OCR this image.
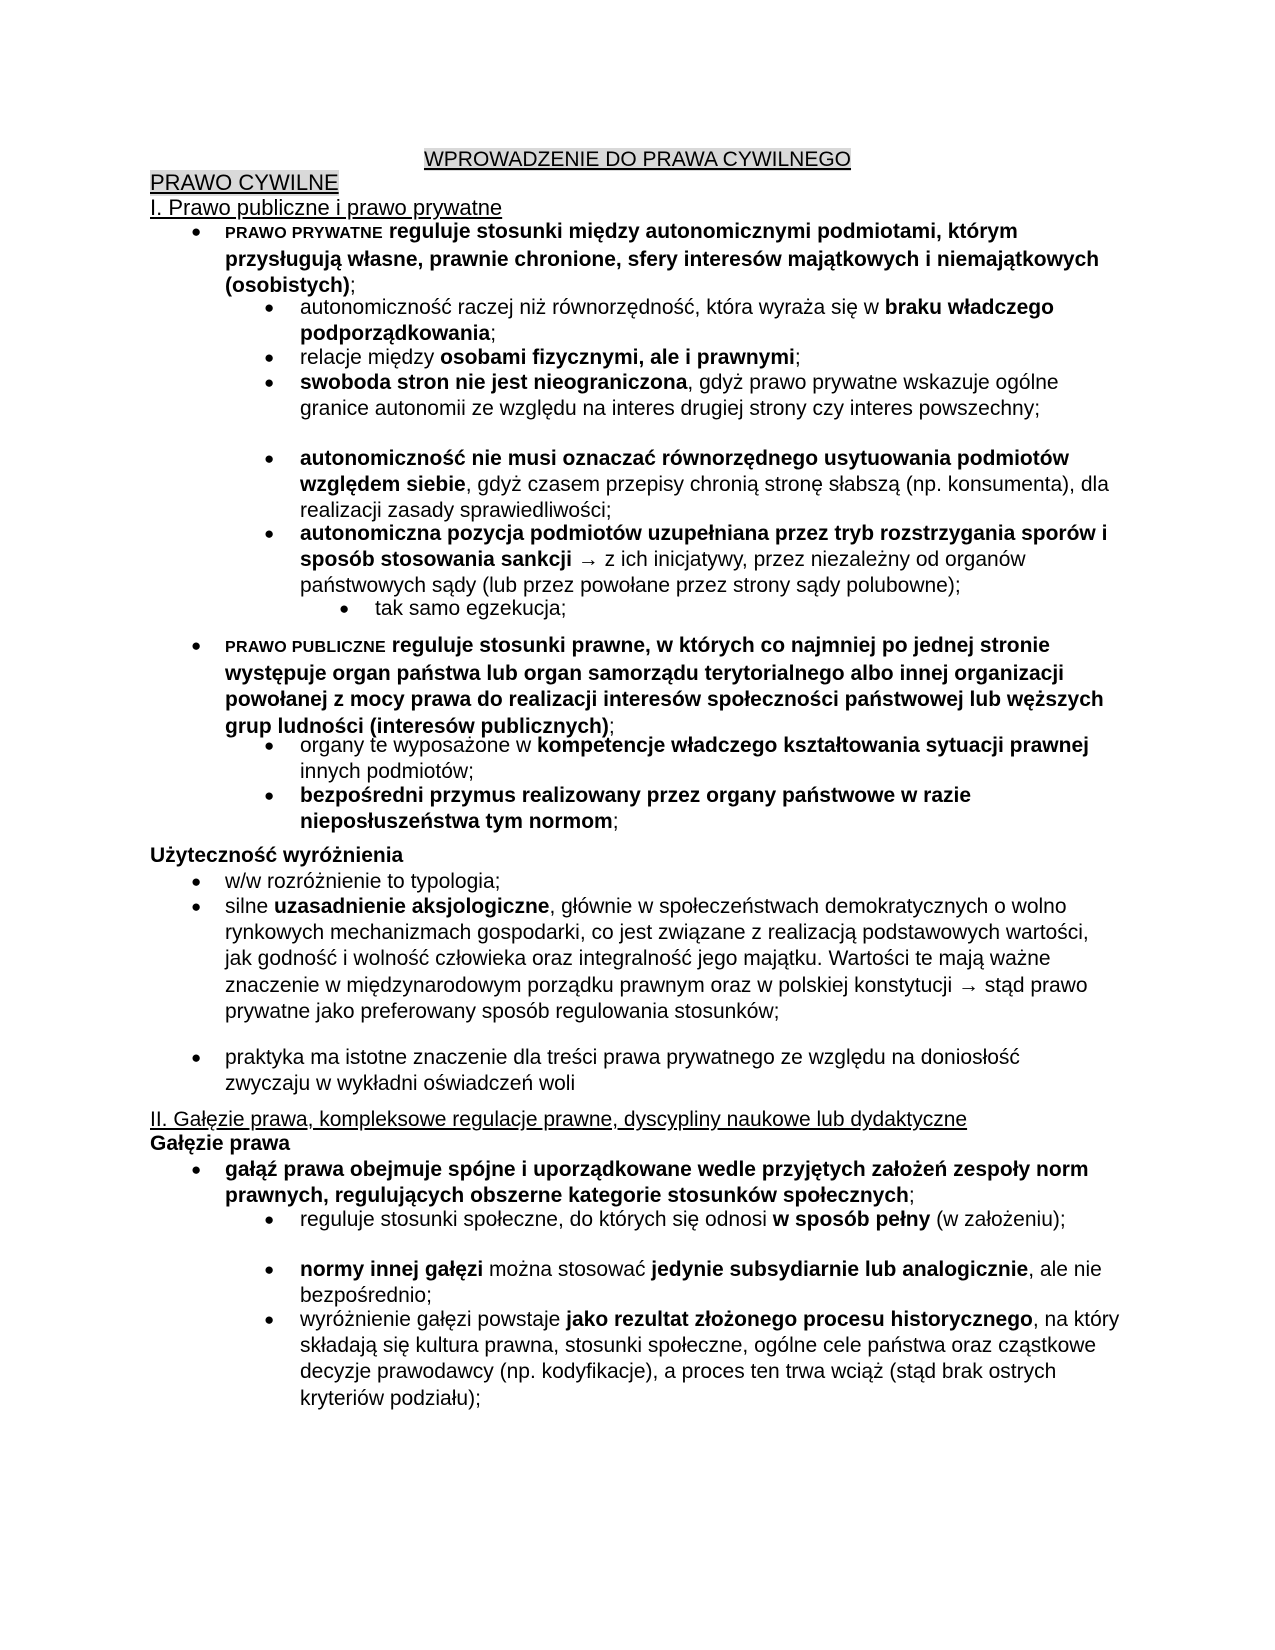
WPROWADZENIE DO PRAWA CYWILNEGO
PRAWO CYWILNE
I. Prawo publiczne i prawo prywatne
● PRAWO PRYWATNE reguluje stosunki między autonomicznymi podmiotami, którym przysługują własne, prawnie chronione, sfery interesów majątkowych i niemajątkowych (osobistych);
● autonomiczność raczej niż równorzędność, która wyraża się w braku władczego podporządkowania;
● relacje między osobami fizycznymi, ale i prawnymi;
● swoboda stron nie jest nieograniczona, gdyż prawo prywatne wskazuje ogólne granice autonomii ze względu na interes drugiej strony czy interes powszechny;
● autonomiczność nie musi oznaczać równorzędnego usytuowania podmiotów względem siebie, gdyż czasem przepisy chronią stronę słabszą (np. konsumenta), dla realizacji zasady sprawiedliwości;
● autonomiczna pozycja podmiotów uzupełniana przez tryb rozstrzygania sporów i sposób stosowania sankcji → z ich inicjatywy, przez niezależny od organów państwowych sądy (lub przez powołane przez strony sądy polubowne);
● tak samo egzekucja;
● PRAWO PUBLICZNE reguluje stosunki prawne, w których co najmniej po jednej stronie występuje organ państwa lub organ samorządu terytorialnego albo innej organizacji powołanej z mocy prawa do realizacji interesów społeczności państwowej lub węższych grup ludności (interesów publicznych);
● organy te wyposażone w kompetencje władczego kształtowania sytuacji prawnej innych podmiotów;
● bezpośredni przymus realizowany przez organy państwowe w razie nieposłuszeństwa tym normom;
Użyteczność wyróżnienia
● w/w rozróżnienie to typologia;
● silne uzasadnienie aksjologiczne, głównie w społeczeństwach demokratycznych o wolno rynkowych mechanizmach gospodarki, co jest związane z realizacją podstawowych wartości, jak godność i wolność człowieka oraz integralność jego majątku. Wartości te mają ważne znaczenie w międzynarodowym porządku prawnym oraz w polskiej konstytucji → stąd prawo prywatne jako preferowany sposób regulowania stosunków;
● praktyka ma istotne znaczenie dla treści prawa prywatnego ze względu na doniosłość zwyczaju w wykładni oświadczeń woli
II. Gałęzie prawa, kompleksowe regulacje prawne, dyscypliny naukowe lub dydaktyczne
Gałęzie prawa
● gałąź prawa obejmuje spójne i uporządkowane wedle przyjętych założeń zespoły norm prawnych, regulujących obszerne kategorie stosunków społecznych;
● reguluje stosunki społeczne, do których się odnosi w sposób pełny (w założeniu);
● normy innej gałęzi można stosować jedynie subsydiarnie lub analogicznie, ale nie bezpośrednio;
● wyróżnienie gałęzi powstaje jako rezultat złożonego procesu historycznego, na który składają się kultura prawna, stosunki społeczne, ogólne cele państwa oraz cząstkowe decyzje prawodawcy (np. kodyfikacje), a proces ten trwa wciąż (stąd brak ostrych kryteriów podziału);
